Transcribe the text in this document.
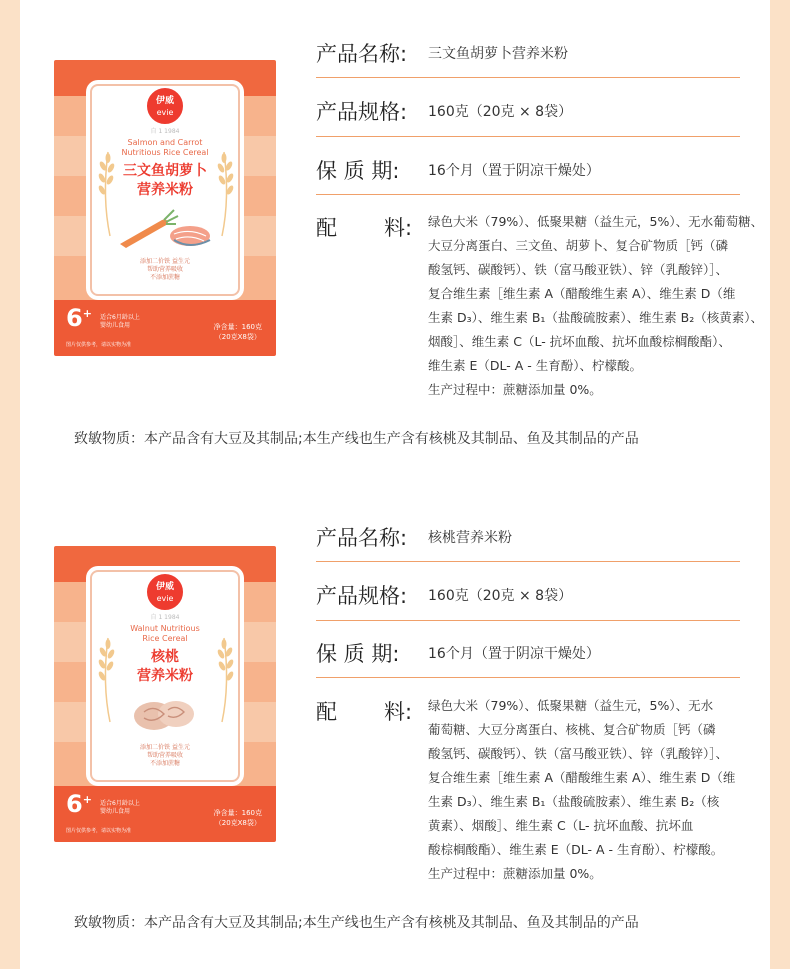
伊威
evie
自 1 1984
Salmon and Carrot
Nutritious Rice Cereal
三文鱼胡萝卜
营养米粉
添加二价铁 益生元
帮助营养吸收
不添加蔗糖
6+ 适合6月龄以上
婴幼儿食用
图片仅供参考，请以实物为准
净含量：160克
（20克X8袋）
产品名称: 三文鱼胡萝卜营养米粉
产品规格: 160克（20克 × 8袋）
保 质 期: 16个月（置于阴凉干燥处）
配 料: 绿色大米（79%）、低聚果糖（益生元，5%）、无水葡萄糖、

大豆分离蛋白、三文鱼、胡萝卜、复合矿物质［钙（磷

酸氢钙、碳酸钙）、铁（富马酸亚铁）、锌（乳酸锌）］、

复合维生素［维生素 A（醋酸维生素 A）、维生素 D（维

生素 D₃）、维生素 B₁（盐酸硫胺素）、维生素 B₂（核黄素）、

烟酸］、维生素 C（L- 抗坏血酸、抗坏血酸棕榈酸酯）、

维生素 E（DL- A - 生育酚）、柠檬酸。

生产过程中：蔗糖添加量 0%。

致敏物质：本产品含有大豆及其制品;本生产线也生产含有核桃及其制品、鱼及其制品的产品
伊威
evie
自 1 1984
Walnut Nutritious
Rice Cereal
核桃
营养米粉
添加二价铁 益生元
帮助营养吸收
不添加蔗糖
6+ 适合6月龄以上
婴幼儿食用
图片仅供参考，请以实物为准
净含量：160克
（20克X8袋）
产品名称: 核桃营养米粉
产品规格: 160克（20克 × 8袋）
保 质 期: 16个月（置于阴凉干燥处）
配 料: 绿色大米（79%）、低聚果糖（益生元，5%）、无水

葡萄糖、大豆分离蛋白、核桃、复合矿物质［钙（磷

酸氢钙、碳酸钙）、铁（富马酸亚铁）、锌（乳酸锌）］、

复合维生素［维生素 A（醋酸维生素 A）、维生素 D（维

生素 D₃）、维生素 B₁（盐酸硫胺素）、维生素 B₂（核

黄素）、烟酸］、维生素 C（L- 抗坏血酸、抗坏血

酸棕榈酸酯）、维生素 E（DL- A - 生育酚）、柠檬酸。

生产过程中：蔗糖添加量 0%。

致敏物质：本产品含有大豆及其制品;本生产线也生产含有核桃及其制品、鱼及其制品的产品
